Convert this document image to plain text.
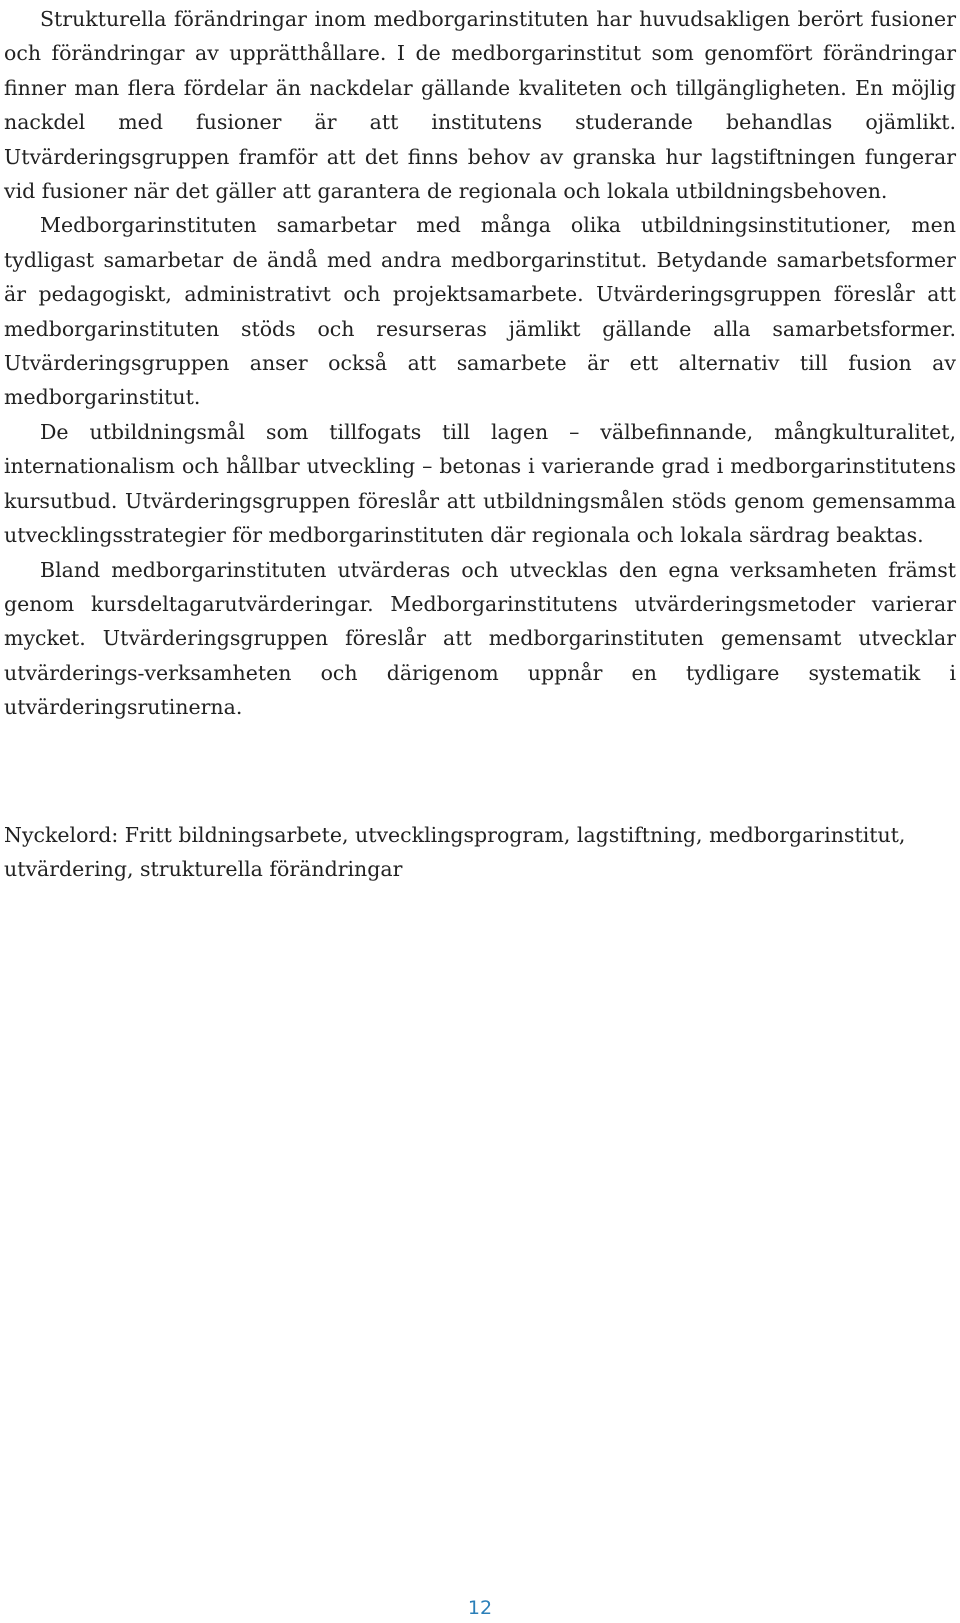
Strukturella förändringar inom medborgarinstituten har huvudsakligen berört fusioner och förändringar av upprätthållare. I de medborgarinstitut som genomfört förändringar finner man flera fördelar än nackdelar gällande kvaliteten och tillgängligheten. En möjlig nackdel med fusioner är att institutens studerande behandlas ojämlikt. Utvärderingsgruppen framför att det finns behov av granska hur lagstiftningen fungerar vid fusioner när det gäller att garantera de regionala och lokala utbildningsbehoven.

Medborgarinstituten samarbetar med många olika utbildningsinstitutioner, men tydligast samarbetar de ändå med andra medborgarinstitut. Betydande samarbetsformer är pedagogiskt, administrativt och projektsamarbete. Utvärderingsgruppen föreslår att medborgarinstituten stöds och resurseras jämlikt gällande alla samarbetsformer. Utvärderingsgruppen anser också att samarbete är ett alternativ till fusion av medborgarinstitut.

De utbildningsmål som tillfogats till lagen – välbefinnande, mångkulturalitet, internationalism och hållbar utveckling – betonas i varierande grad i medborgarinstitutens kursutbud. Utvärderingsgruppen föreslår att utbildningsmålen stöds genom gemensamma utvecklingsstrategier för medborgarinstituten där regionala och lokala särdrag beaktas.

Bland medborgarinstituten utvärderas och utvecklas den egna verksamheten främst genom kursdeltagarutvärderingar. Medborgarinstitutens utvärderingsmetoder varierar mycket. Utvärderingsgruppen föreslår att medborgarinstituten gemensamt utvecklar utvärderings-verksamheten och därigenom uppnår en tydligare systematik i utvärderingsrutinerna.

Nyckelord: Fritt bildningsarbete, utvecklingsprogram, lagstiftning, medborgarinstitut, utvärdering, strukturella förändringar

12
